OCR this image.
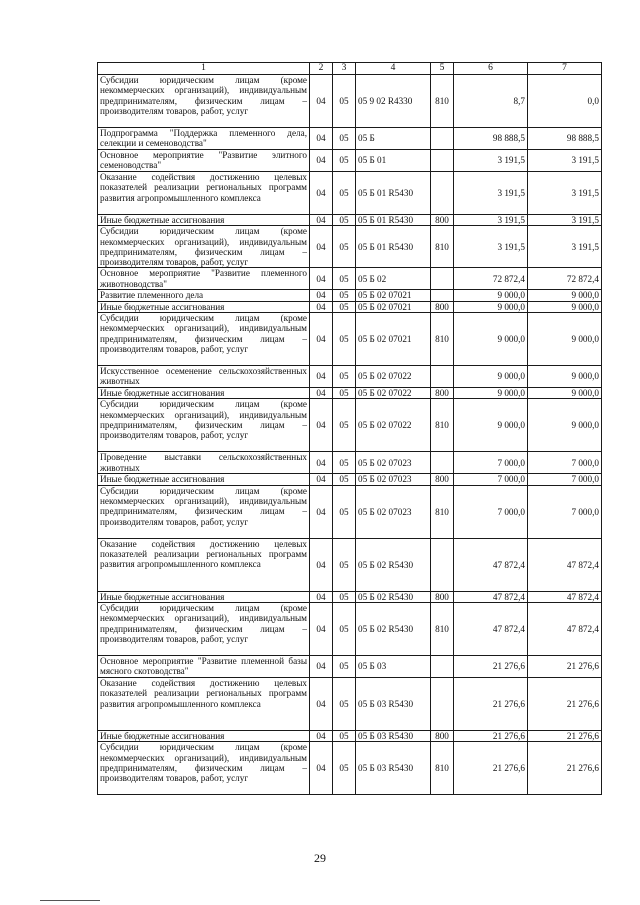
1	2	3	4	5	6	7
Субсидии юридическим лицам (кроме некоммерческих организаций), индивидуальным предпринимателям, физическим лицам – производителям товаров, работ, услуг	04	05	05 9 02 R4330	810	8,7	0,0
Подпрограмма "Поддержка племенного дела, селекции и семеноводства"	04	05	05 Б		98 888,5	98 888,5
Основное мероприятие "Развитие элитного семеноводства"	04	05	05 Б 01		3 191,5	3 191,5
Оказание содействия достижению целевых показателей реализации региональных программ развития агропромышленного комплекса	04	05	05 Б 01 R5430		3 191,5	3 191,5
Иные бюджетные ассигнования	04	05	05 Б 01 R5430	800	3 191,5	3 191,5
Субсидии юридическим лицам (кроме некоммерческих организаций), индивидуальным предпринимателям, физическим лицам – производителям товаров, работ, услуг	04	05	05 Б 01 R5430	810	3 191,5	3 191,5
Основное мероприятие "Развитие племенного животноводства"	04	05	05 Б 02		72 872,4	72 872,4
Развитие племенного дела	04	05	05 Б 02 07021		9 000,0	9 000,0
Иные бюджетные ассигнования	04	05	05 Б 02 07021	800	9 000,0	9 000,0
Субсидии юридическим лицам (кроме некоммерческих организаций), индивидуальным предпринимателям, физическим лицам – производителям товаров, работ, услуг	04	05	05 Б 02 07021	810	9 000,0	9 000,0
Искусственное осеменение сельскохозяйственных животных	04	05	05 Б 02 07022		9 000,0	9 000,0
Иные бюджетные ассигнования	04	05	05 Б 02 07022	800	9 000,0	9 000,0
Субсидии юридическим лицам (кроме некоммерческих организаций), индивидуальным предпринимателям, физическим лицам – производителям товаров, работ, услуг	04	05	05 Б 02 07022	810	9 000,0	9 000,0
Проведение выставки сельскохозяйственных животных	04	05	05 Б 02 07023		7 000,0	7 000,0
Иные бюджетные ассигнования	04	05	05 Б 02 07023	800	7 000,0	7 000,0
Субсидии юридическим лицам (кроме некоммерческих организаций), индивидуальным предпринимателям, физическим лицам – производителям товаров, работ, услуг	04	05	05 Б 02 07023	810	7 000,0	7 000,0
Оказание содействия достижению целевых показателей реализации региональных программ развития агропромышленного комплекса	04	05	05 Б 02 R5430		47 872,4	47 872,4
Иные бюджетные ассигнования	04	05	05 Б 02 R5430	800	47 872,4	47 872,4
Субсидии юридическим лицам (кроме некоммерческих организаций), индивидуальным предпринимателям, физическим лицам – производителям товаров, работ, услуг	04	05	05 Б 02 R5430	810	47 872,4	47 872,4
Основное мероприятие "Развитие племенной базы мясного скотоводства"	04	05	05 Б 03		21 276,6	21 276,6
Оказание содействия достижению целевых показателей реализации региональных программ развития агропромышленного комплекса	04	05	05 Б 03 R5430		21 276,6	21 276,6
Иные бюджетные ассигнования	04	05	05 Б 03 R5430	800	21 276,6	21 276,6
Субсидии юридическим лицам (кроме некоммерческих организаций), индивидуальным предпринимателям, физическим лицам – производителям товаров, работ, услуг	04	05	05 Б 03 R5430	810	21 276,6	21 276,6
29
